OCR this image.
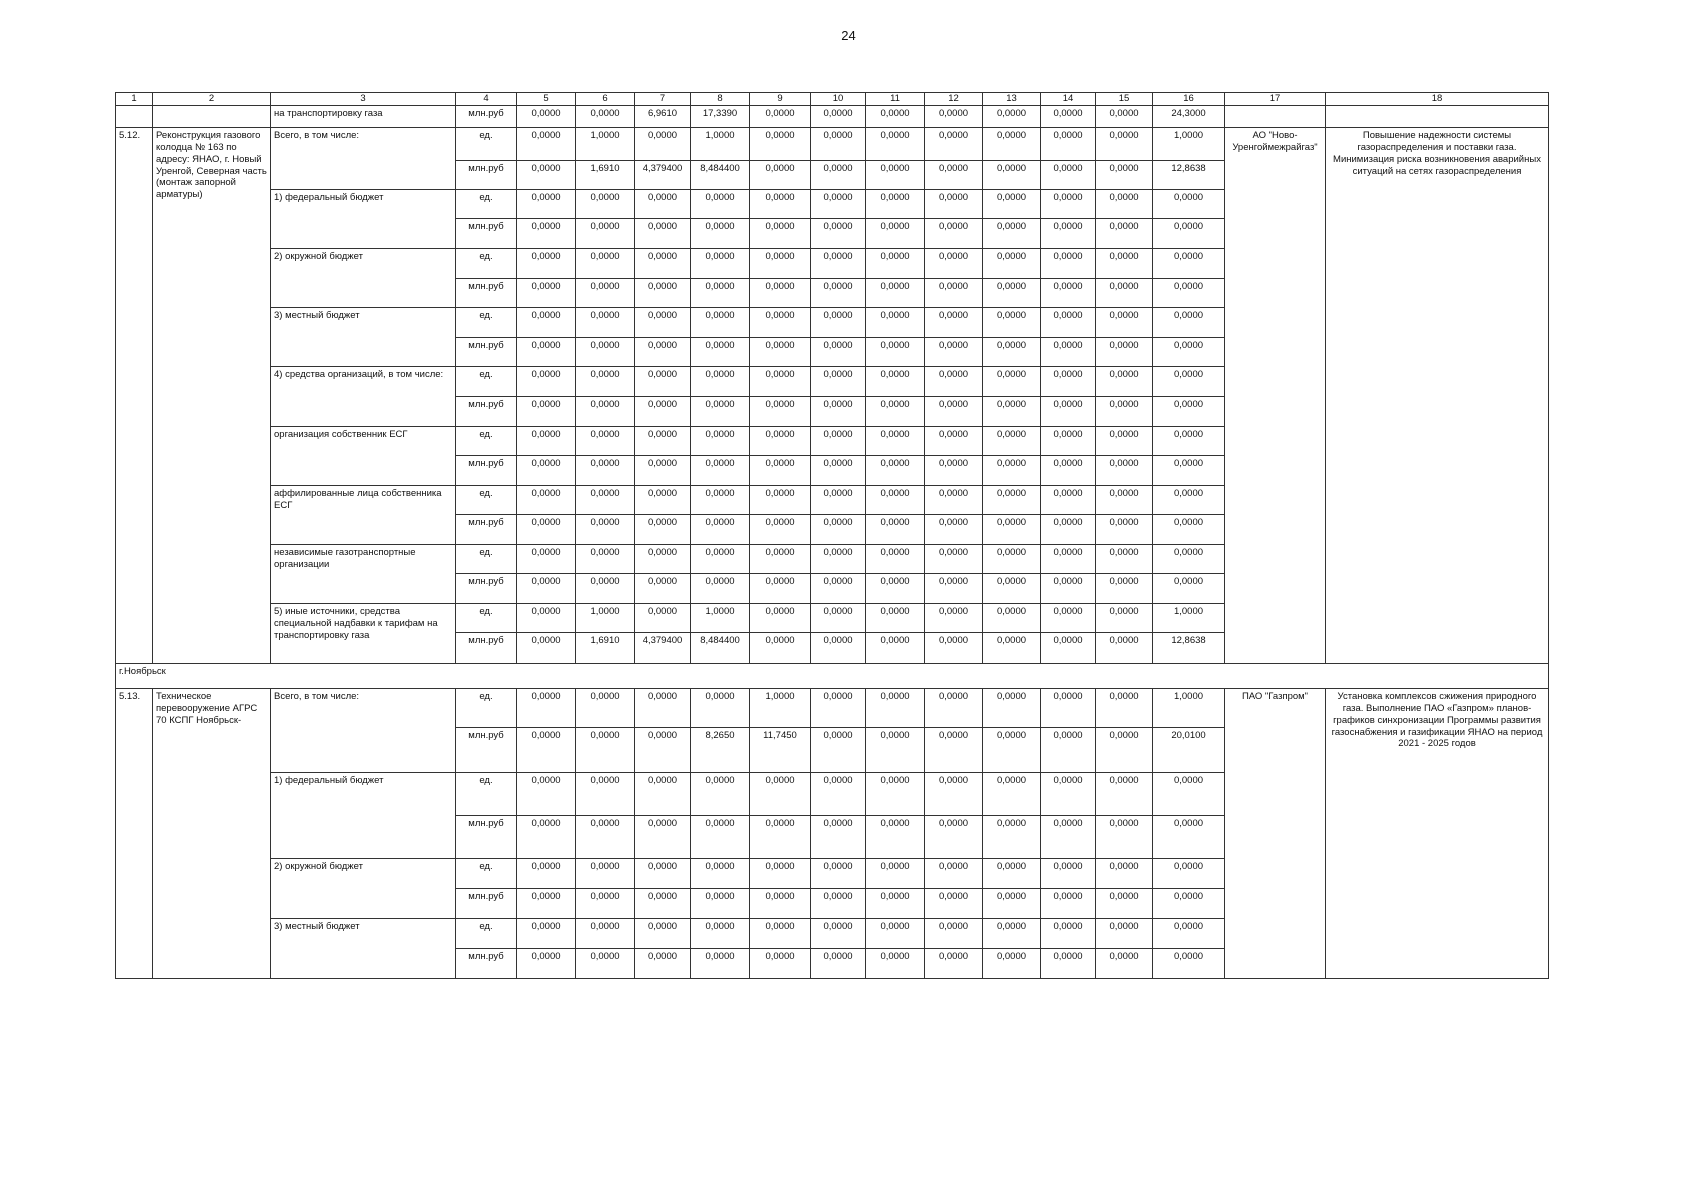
24
1	2	3	4	5	6	7	8	9	10	11	12	13	14	15	16	17	18
		на транспортировку газа	млн.руб	0,0000	0,0000	6,9610	17,3390	0,0000	0,0000	0,0000	0,0000	0,0000	0,0000	0,0000	24,3000		
5.12.	Реконструкция газового колодца № 163 по адресу: ЯНАО, г. Новый Уренгой, Северная часть (монтаж запорной арматуры)	Всего, в том числе:	ед.	0,0000	1,0000	0,0000	1,0000	0,0000	0,0000	0,0000	0,0000	0,0000	0,0000	0,0000	1,0000	АО "Ново-Уренгоймежрайгаз"	Повышение надежности системы газораспределения и поставки газа. Минимизация риска возникновения аварийных ситуаций на сетях газораспределения
			млн.руб	0,0000	1,6910	4,379400	8,484400	0,0000	0,0000	0,0000	0,0000	0,0000	0,0000	0,0000	12,8638		
		1) федеральный бюджет	ед.	0,0000	0,0000	0,0000	0,0000	0,0000	0,0000	0,0000	0,0000	0,0000	0,0000	0,0000	0,0000		
			млн.руб	0,0000	0,0000	0,0000	0,0000	0,0000	0,0000	0,0000	0,0000	0,0000	0,0000	0,0000	0,0000		
		2) окружной бюджет	ед.	0,0000	0,0000	0,0000	0,0000	0,0000	0,0000	0,0000	0,0000	0,0000	0,0000	0,0000	0,0000		
			млн.руб	0,0000	0,0000	0,0000	0,0000	0,0000	0,0000	0,0000	0,0000	0,0000	0,0000	0,0000	0,0000		
		3) местный бюджет	ед.	0,0000	0,0000	0,0000	0,0000	0,0000	0,0000	0,0000	0,0000	0,0000	0,0000	0,0000	0,0000		
			млн.руб	0,0000	0,0000	0,0000	0,0000	0,0000	0,0000	0,0000	0,0000	0,0000	0,0000	0,0000	0,0000		
		4) средства организаций, в том числе:	ед.	0,0000	0,0000	0,0000	0,0000	0,0000	0,0000	0,0000	0,0000	0,0000	0,0000	0,0000	0,0000		
			млн.руб	0,0000	0,0000	0,0000	0,0000	0,0000	0,0000	0,0000	0,0000	0,0000	0,0000	0,0000	0,0000		
		организация собственник ЕСГ	ед.	0,0000	0,0000	0,0000	0,0000	0,0000	0,0000	0,0000	0,0000	0,0000	0,0000	0,0000	0,0000		
			млн.руб	0,0000	0,0000	0,0000	0,0000	0,0000	0,0000	0,0000	0,0000	0,0000	0,0000	0,0000	0,0000		
		аффилированные лица собственника ЕСГ	ед.	0,0000	0,0000	0,0000	0,0000	0,0000	0,0000	0,0000	0,0000	0,0000	0,0000	0,0000	0,0000		
			млн.руб	0,0000	0,0000	0,0000	0,0000	0,0000	0,0000	0,0000	0,0000	0,0000	0,0000	0,0000	0,0000		
		независимые газотранспортные организации	ед.	0,0000	0,0000	0,0000	0,0000	0,0000	0,0000	0,0000	0,0000	0,0000	0,0000	0,0000	0,0000		
			млн.руб	0,0000	0,0000	0,0000	0,0000	0,0000	0,0000	0,0000	0,0000	0,0000	0,0000	0,0000	0,0000		
		5) иные источники, средства специальной надбавки к тарифам на транспортировку газа	ед.	0,0000	1,0000	0,0000	1,0000	0,0000	0,0000	0,0000	0,0000	0,0000	0,0000	0,0000	1,0000		
			млн.руб	0,0000	1,6910	4,379400	8,484400	0,0000	0,0000	0,0000	0,0000	0,0000	0,0000	0,0000	12,8638		
г.Ноябрьск																	
5.13.	Техническое перевооружение АГРС 70 КСПГ Ноябрьск-	Всего, в том числе:	ед.	0,0000	0,0000	0,0000	0,0000	1,0000	0,0000	0,0000	0,0000	0,0000	0,0000	0,0000	1,0000	ПАО "Газпром"	Установка комплексов сжижения природного газа. Выполнение ПАО «Газпром» планов-графиков синхронизации Программы развития газоснабжения и газификации ЯНАО на период 2021 - 2025 годов
			млн.руб	0,0000	0,0000	0,0000	8,2650	11,7450	0,0000	0,0000	0,0000	0,0000	0,0000	0,0000	20,0100		
		1) федеральный бюджет	ед.	0,0000	0,0000	0,0000	0,0000	0,0000	0,0000	0,0000	0,0000	0,0000	0,0000	0,0000	0,0000		
			млн.руб	0,0000	0,0000	0,0000	0,0000	0,0000	0,0000	0,0000	0,0000	0,0000	0,0000	0,0000	0,0000		
		2) окружной бюджет	ед.	0,0000	0,0000	0,0000	0,0000	0,0000	0,0000	0,0000	0,0000	0,0000	0,0000	0,0000	0,0000		
			млн.руб	0,0000	0,0000	0,0000	0,0000	0,0000	0,0000	0,0000	0,0000	0,0000	0,0000	0,0000	0,0000		
		3) местный бюджет	ед.	0,0000	0,0000	0,0000	0,0000	0,0000	0,0000	0,0000	0,0000	0,0000	0,0000	0,0000	0,0000		
			млн.руб	0,0000	0,0000	0,0000	0,0000	0,0000	0,0000	0,0000	0,0000	0,0000	0,0000	0,0000	0,0000		
